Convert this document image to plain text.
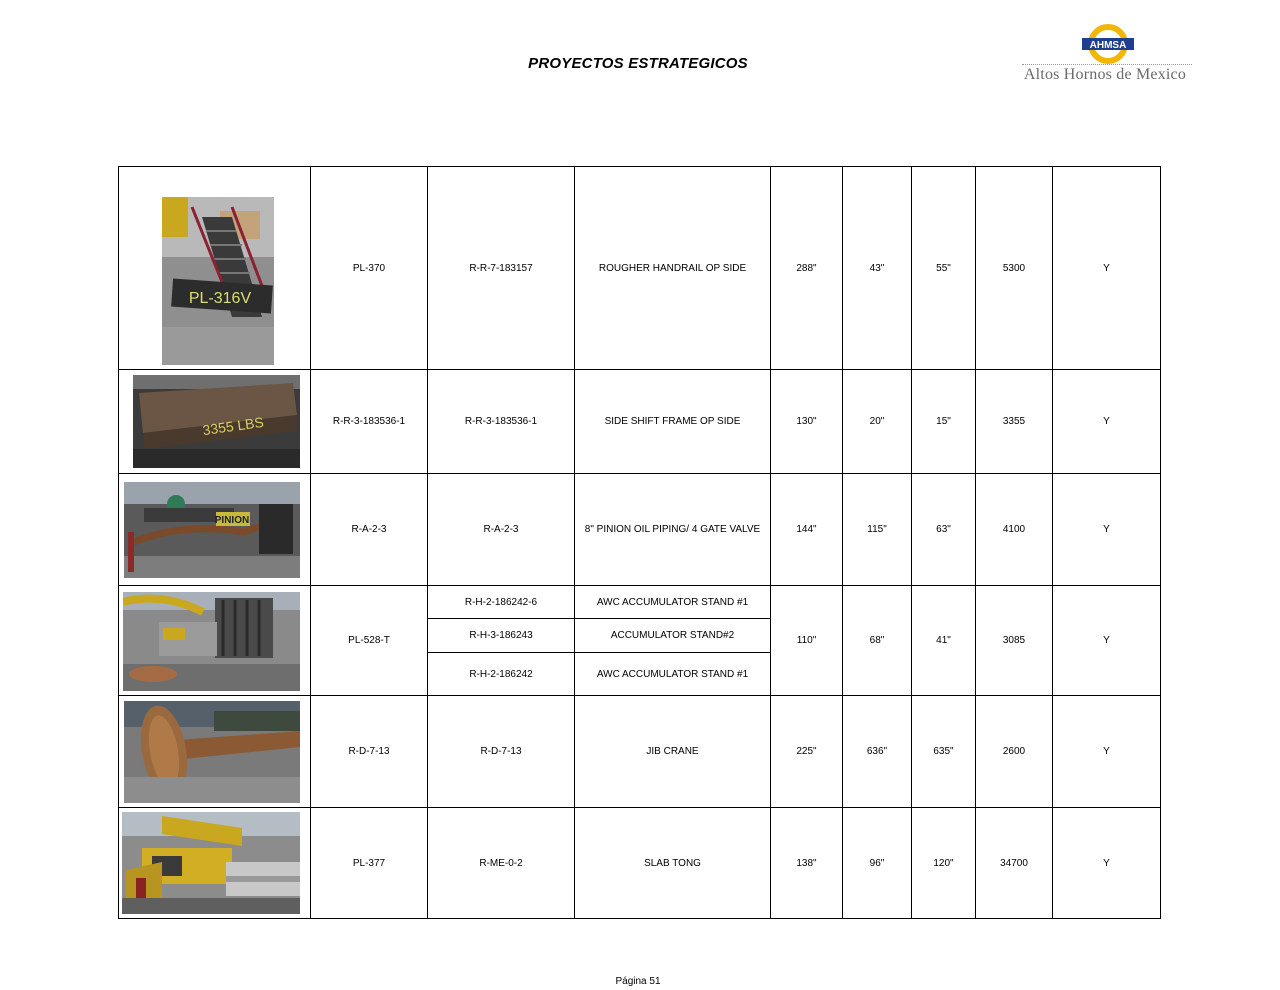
PROYECTOS ESTRATEGICOS
AHMSA
Altos Hornos de Mexico
PL-316V	PL-370	R-R-7-183157	ROUGHER HANDRAIL OP SIDE	288"	43"	55"	5300	Y

3355 LBS	R-R-3-183536-1	R-R-3-183536-1	SIDE SHIFT FRAME OP SIDE	130"	20"	15"	3355	Y

PINION	R-A-2-3	R-A-2-3	8" PINION OIL PIPING/ 4 GATE VALVE	144"	115"	63"	4100	Y

	PL-528-T	R-H-2-186242-6	AWC ACCUMULATOR STAND #1	110"	68"	41"	3085	Y
		R-H-3-186243	ACCUMULATOR STAND#2					
		R-H-2-186242	AWC ACCUMULATOR STAND #1					

	R-D-7-13	R-D-7-13	JIB CRANE	225"	636"	635"	2600	Y

	PL-377	R-ME-0-2	SLAB TONG	138"	96"	120"	34700	Y
Página 51
